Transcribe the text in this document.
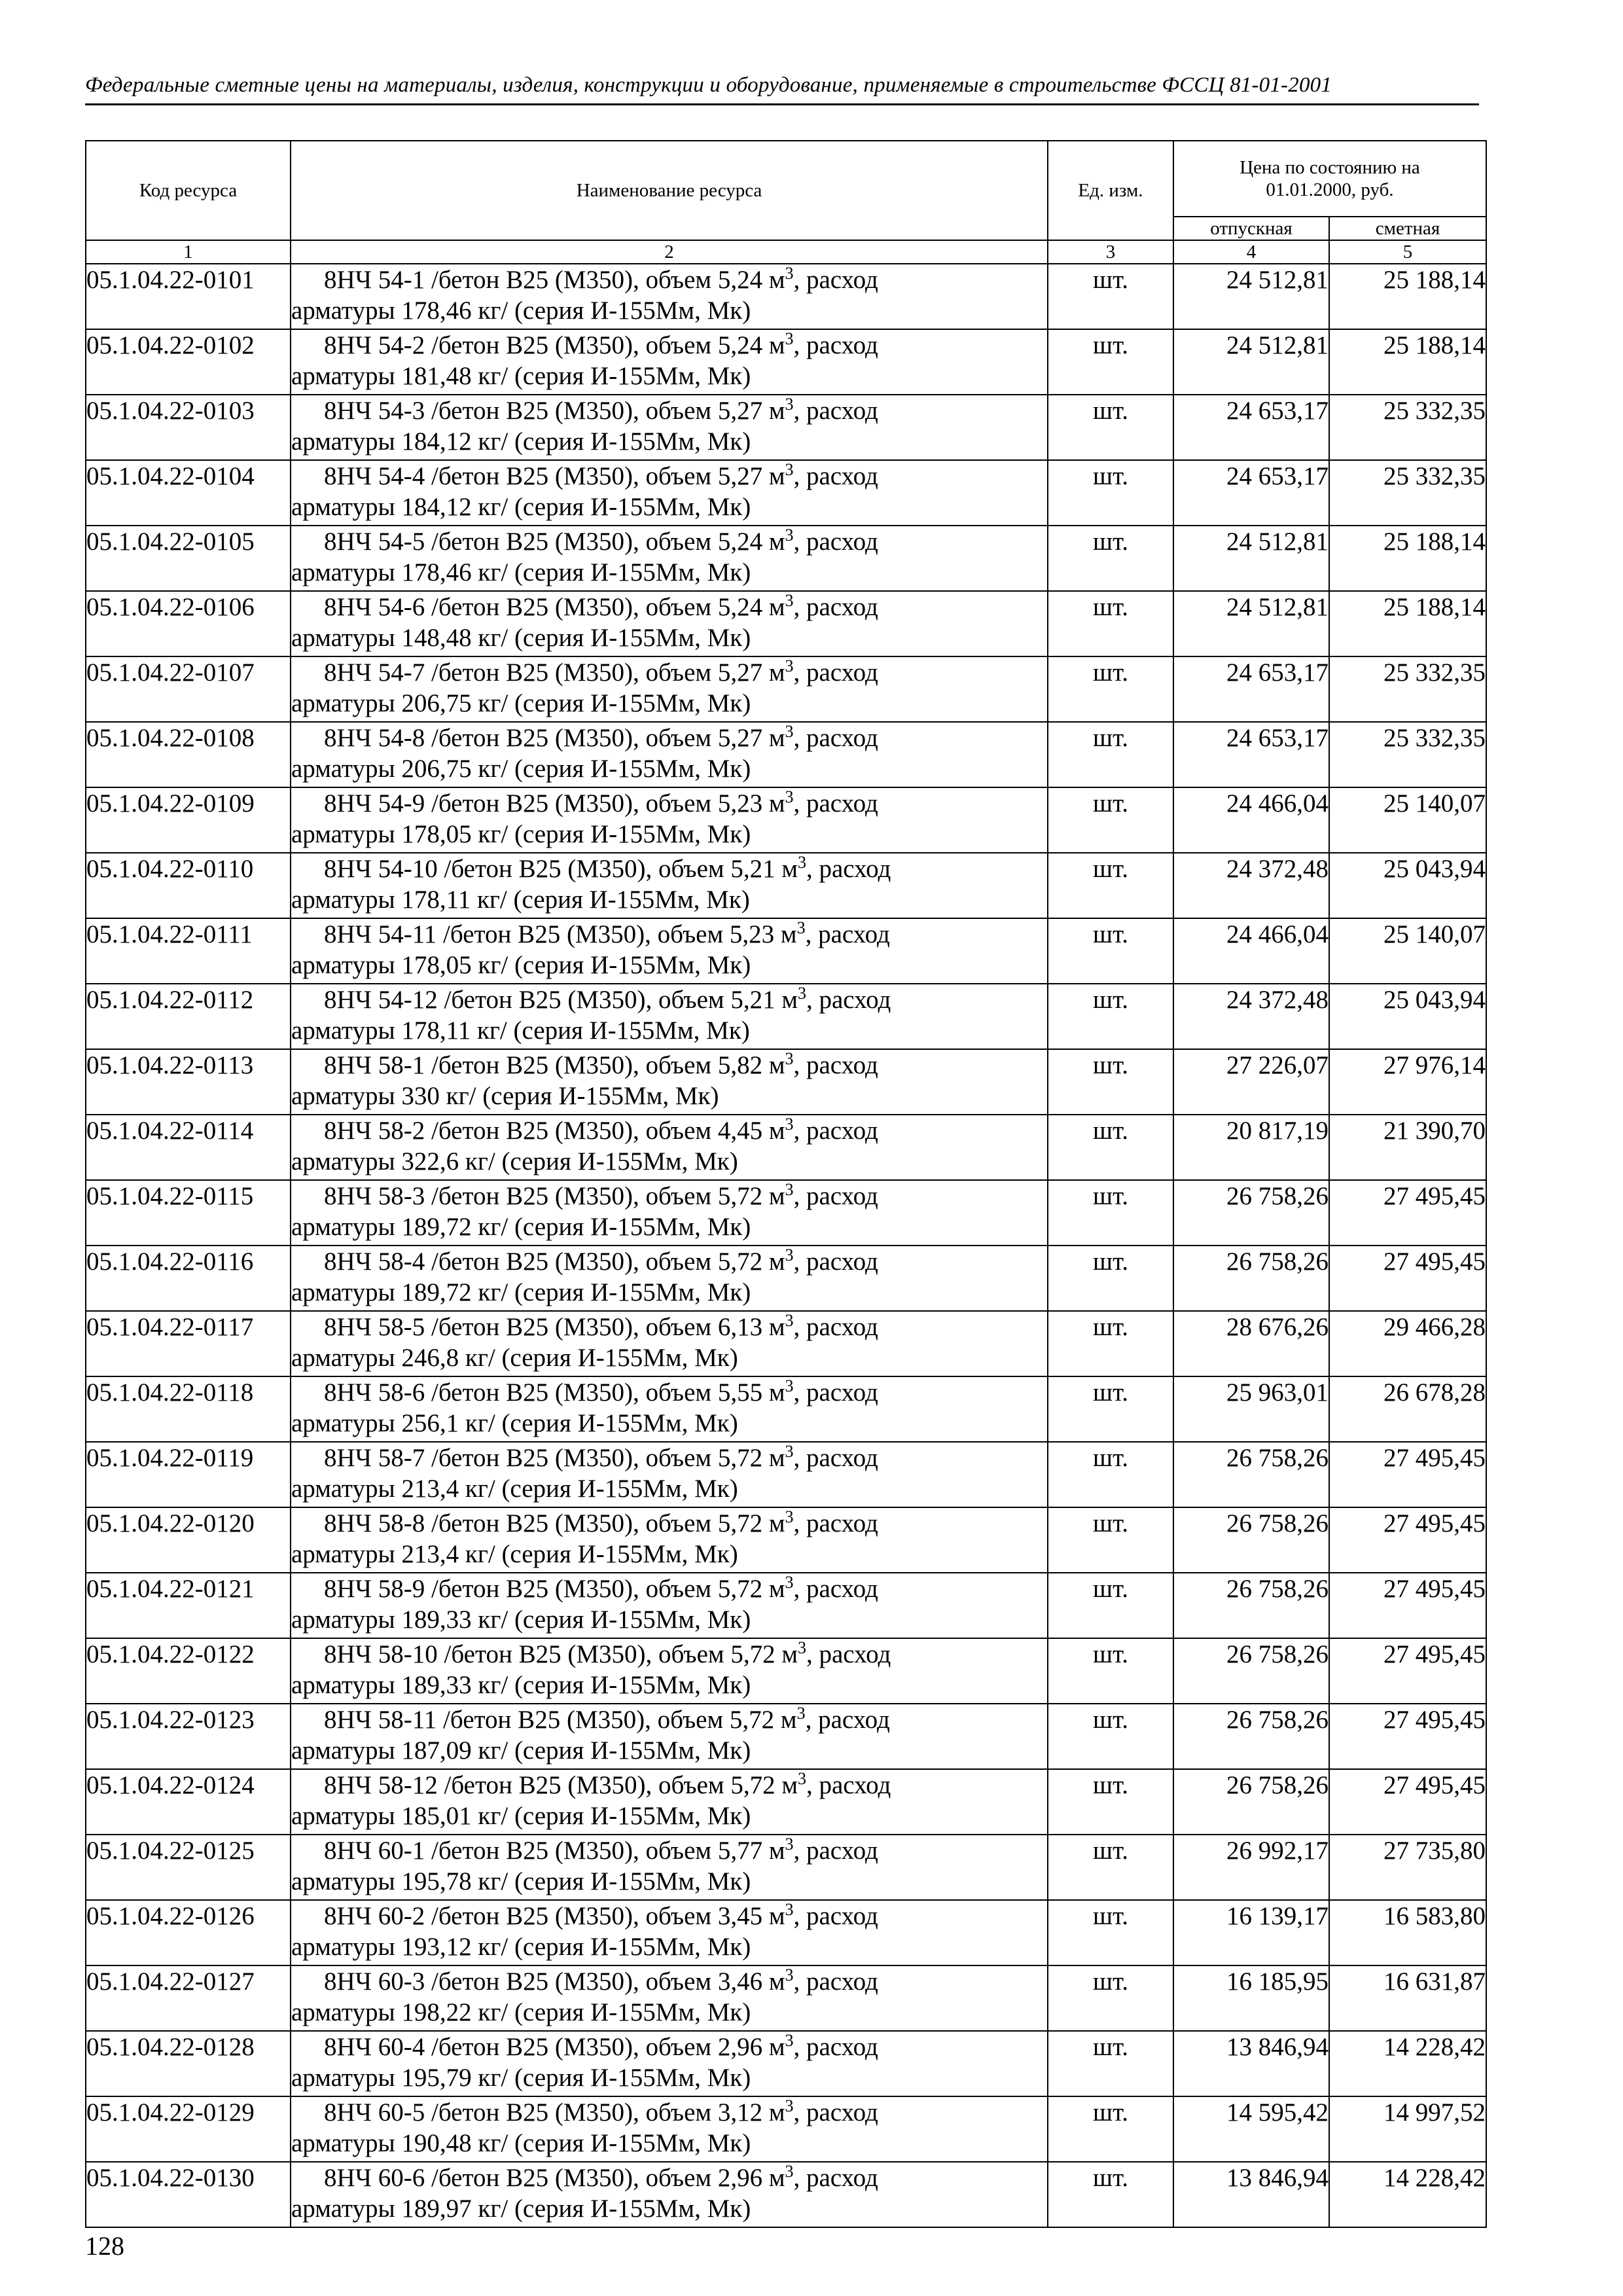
Федеральные сметные цены на материалы, изделия, конструкции и оборудование, применяемые в строительстве ФССЦ 81-01-2001
Код ресурса	Наименование ресурса	Ед. изм.	Цена по состоянию на 01.01.2000, руб.	
			отпускная	сметная
1	2	3	4	5
05.1.04.22-0101	8НЧ 54-1 /бетон В25 (М350), объем 5,24 $м^3$, расход
арматуры 178,46 кг/ (серия И-155Мм, Мк)	шт.	24 512,81	25 188,14
05.1.04.22-0102	8НЧ 54-2 /бетон В25 (М350), объем 5,24 $м^3$, расход
арматуры 181,48 кг/ (серия И-155Мм, Мк)	шт.	24 512,81	25 188,14
05.1.04.22-0103	8НЧ 54-3 /бетон В25 (М350), объем 5,27 $м^3$, расход
арматуры 184,12 кг/ (серия И-155Мм, Мк)	шт.	24 653,17	25 332,35
05.1.04.22-0104	8НЧ 54-4 /бетон В25 (М350), объем 5,27 $м^3$, расход
арматуры 184,12 кг/ (серия И-155Мм, Мк)	шт.	24 653,17	25 332,35
05.1.04.22-0105	8НЧ 54-5 /бетон В25 (М350), объем 5,24 $м^3$, расход
арматуры 178,46 кг/ (серия И-155Мм, Мк)	шт.	24 512,81	25 188,14
05.1.04.22-0106	8НЧ 54-6 /бетон В25 (М350), объем 5,24 $м^3$, расход
арматуры 148,48 кг/ (серия И-155Мм, Мк)	шт.	24 512,81	25 188,14
05.1.04.22-0107	8НЧ 54-7 /бетон В25 (М350), объем 5,27 $м^3$, расход
арматуры 206,75 кг/ (серия И-155Мм, Мк)	шт.	24 653,17	25 332,35
05.1.04.22-0108	8НЧ 54-8 /бетон В25 (М350), объем 5,27 $м^3$, расход
арматуры 206,75 кг/ (серия И-155Мм, Мк)	шт.	24 653,17	25 332,35
05.1.04.22-0109	8НЧ 54-9 /бетон В25 (М350), объем 5,23 $м^3$, расход
арматуры 178,05 кг/ (серия И-155Мм, Мк)	шт.	24 466,04	25 140,07
05.1.04.22-0110	8НЧ 54-10 /бетон В25 (М350), объем 5,21 $м^3$, расход
арматуры 178,11 кг/ (серия И-155Мм, Мк)	шт.	24 372,48	25 043,94
05.1.04.22-0111	8НЧ 54-11 /бетон В25 (М350), объем 5,23 $м^3$, расход
арматуры 178,05 кг/ (серия И-155Мм, Мк)	шт.	24 466,04	25 140,07
05.1.04.22-0112	8НЧ 54-12 /бетон В25 (М350), объем 5,21 $м^3$, расход
арматуры 178,11 кг/ (серия И-155Мм, Мк)	шт.	24 372,48	25 043,94
05.1.04.22-0113	8НЧ 58-1 /бетон В25 (М350), объем 5,82 $м^3$, расход
арматуры 330 кг/ (серия И-155Мм, Мк)	шт.	27 226,07	27 976,14
05.1.04.22-0114	8НЧ 58-2 /бетон В25 (М350), объем 4,45 $м^3$, расход
арматуры 322,6 кг/ (серия И-155Мм, Мк)	шт.	20 817,19	21 390,70
05.1.04.22-0115	8НЧ 58-3 /бетон В25 (М350), объем 5,72 $м^3$, расход
арматуры 189,72 кг/ (серия И-155Мм, Мк)	шт.	26 758,26	27 495,45
05.1.04.22-0116	8НЧ 58-4 /бетон В25 (М350), объем 5,72 $м^3$, расход
арматуры 189,72 кг/ (серия И-155Мм, Мк)	шт.	26 758,26	27 495,45
05.1.04.22-0117	8НЧ 58-5 /бетон В25 (М350), объем 6,13 $м^3$, расход
арматуры 246,8 кг/ (серия И-155Мм, Мк)	шт.	28 676,26	29 466,28
05.1.04.22-0118	8НЧ 58-6 /бетон В25 (М350), объем 5,55 $м^3$, расход
арматуры 256,1 кг/ (серия И-155Мм, Мк)	шт.	25 963,01	26 678,28
05.1.04.22-0119	8НЧ 58-7 /бетон В25 (М350), объем 5,72 $м^3$, расход
арматуры 213,4 кг/ (серия И-155Мм, Мк)	шт.	26 758,26	27 495,45
05.1.04.22-0120	8НЧ 58-8 /бетон В25 (М350), объем 5,72 $м^3$, расход
арматуры 213,4 кг/ (серия И-155Мм, Мк)	шт.	26 758,26	27 495,45
05.1.04.22-0121	8НЧ 58-9 /бетон В25 (М350), объем 5,72 $м^3$, расход
арматуры 189,33 кг/ (серия И-155Мм, Мк)	шт.	26 758,26	27 495,45
05.1.04.22-0122	8НЧ 58-10 /бетон В25 (М350), объем 5,72 $м^3$, расход
арматуры 189,33 кг/ (серия И-155Мм, Мк)	шт.	26 758,26	27 495,45
05.1.04.22-0123	8НЧ 58-11 /бетон В25 (М350), объем 5,72 $м^3$, расход
арматуры 187,09 кг/ (серия И-155Мм, Мк)	шт.	26 758,26	27 495,45
05.1.04.22-0124	8НЧ 58-12 /бетон В25 (М350), объем 5,72 $м^3$, расход
арматуры 185,01 кг/ (серия И-155Мм, Мк)	шт.	26 758,26	27 495,45
05.1.04.22-0125	8НЧ 60-1 /бетон В25 (М350), объем 5,77 $м^3$, расход
арматуры 195,78 кг/ (серия И-155Мм, Мк)	шт.	26 992,17	27 735,80
05.1.04.22-0126	8НЧ 60-2 /бетон В25 (М350), объем 3,45 $м^3$, расход
арматуры 193,12 кг/ (серия И-155Мм, Мк)	шт.	16 139,17	16 583,80
05.1.04.22-0127	8НЧ 60-3 /бетон В25 (М350), объем 3,46 $м^3$, расход
арматуры 198,22 кг/ (серия И-155Мм, Мк)	шт.	16 185,95	16 631,87
05.1.04.22-0128	8НЧ 60-4 /бетон В25 (М350), объем 2,96 $м^3$, расход
арматуры 195,79 кг/ (серия И-155Мм, Мк)	шт.	13 846,94	14 228,42
05.1.04.22-0129	8НЧ 60-5 /бетон В25 (М350), объем 3,12 $м^3$, расход
арматуры 190,48 кг/ (серия И-155Мм, Мк)	шт.	14 595,42	14 997,52
05.1.04.22-0130	8НЧ 60-6 /бетон В25 (М350), объем 2,96 $м^3$, расход
арматуры 189,97 кг/ (серия И-155Мм, Мк)	шт.	13 846,94	14 228,42
128
